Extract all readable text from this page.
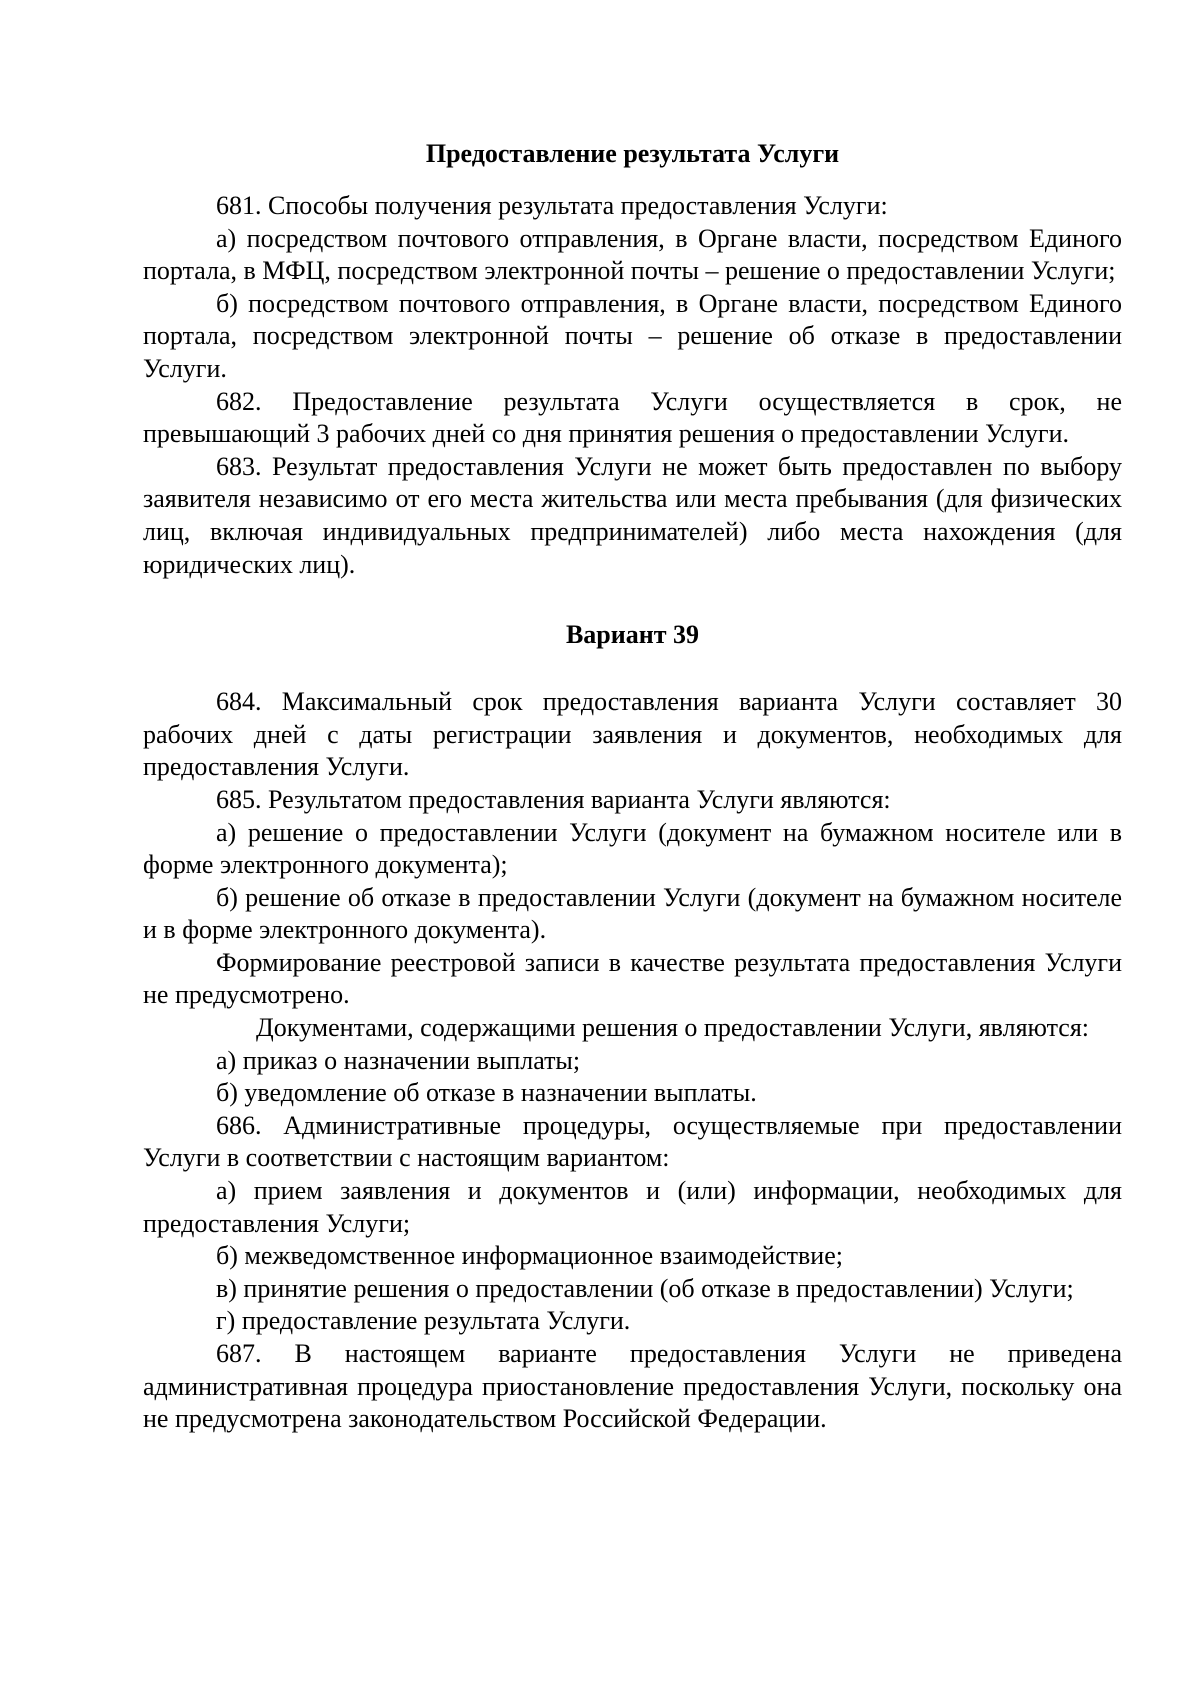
Предоставление результата Услуги

681. Способы получения результата предоставления Услуги:

а) посредством почтового отправления, в Органе власти, посредством Единого портала, в МФЦ, посредством электронной почты – решение о предоставлении Услуги;

б) посредством почтового отправления, в Органе власти, посредством Единого портала, посредством электронной почты – решение об отказе в предоставлении Услуги.

682. Предоставление результата Услуги осуществляется в срок, не превышающий 3 рабочих дней со дня принятия решения о предоставлении Услуги.

683. Результат предоставления Услуги не может быть предоставлен по выбору заявителя независимо от его места жительства или места пребывания (для физических лиц, включая индивидуальных предпринимателей) либо места нахождения (для юридических лиц).

Вариант 39

684. Максимальный срок предоставления варианта Услуги составляет 30 рабочих дней с даты регистрации заявления и документов, необходимых для предоставления Услуги.

685. Результатом предоставления варианта Услуги являются:

а) решение о предоставлении Услуги (документ на бумажном носителе или в форме электронного документа);

б) решение об отказе в предоставлении Услуги (документ на бумажном носителе и в форме электронного документа).

Формирование реестровой записи в качестве результата предоставления Услуги не предусмотрено.

Документами, содержащими решения о предоставлении Услуги, являются:

а) приказ о назначении выплаты;

б) уведомление об отказе в назначении выплаты.

686. Административные процедуры, осуществляемые при предоставлении Услуги в соответствии с настоящим вариантом:

а) прием заявления и документов и (или) информации, необходимых для предоставления Услуги;

б) межведомственное информационное взаимодействие;

в) принятие решения о предоставлении (об отказе в предоставлении) Услуги;

г) предоставление результата Услуги.

687. В настоящем варианте предоставления Услуги не приведена административная процедура приостановление предоставления Услуги, поскольку она не предусмотрена законодательством Российской Федерации.
